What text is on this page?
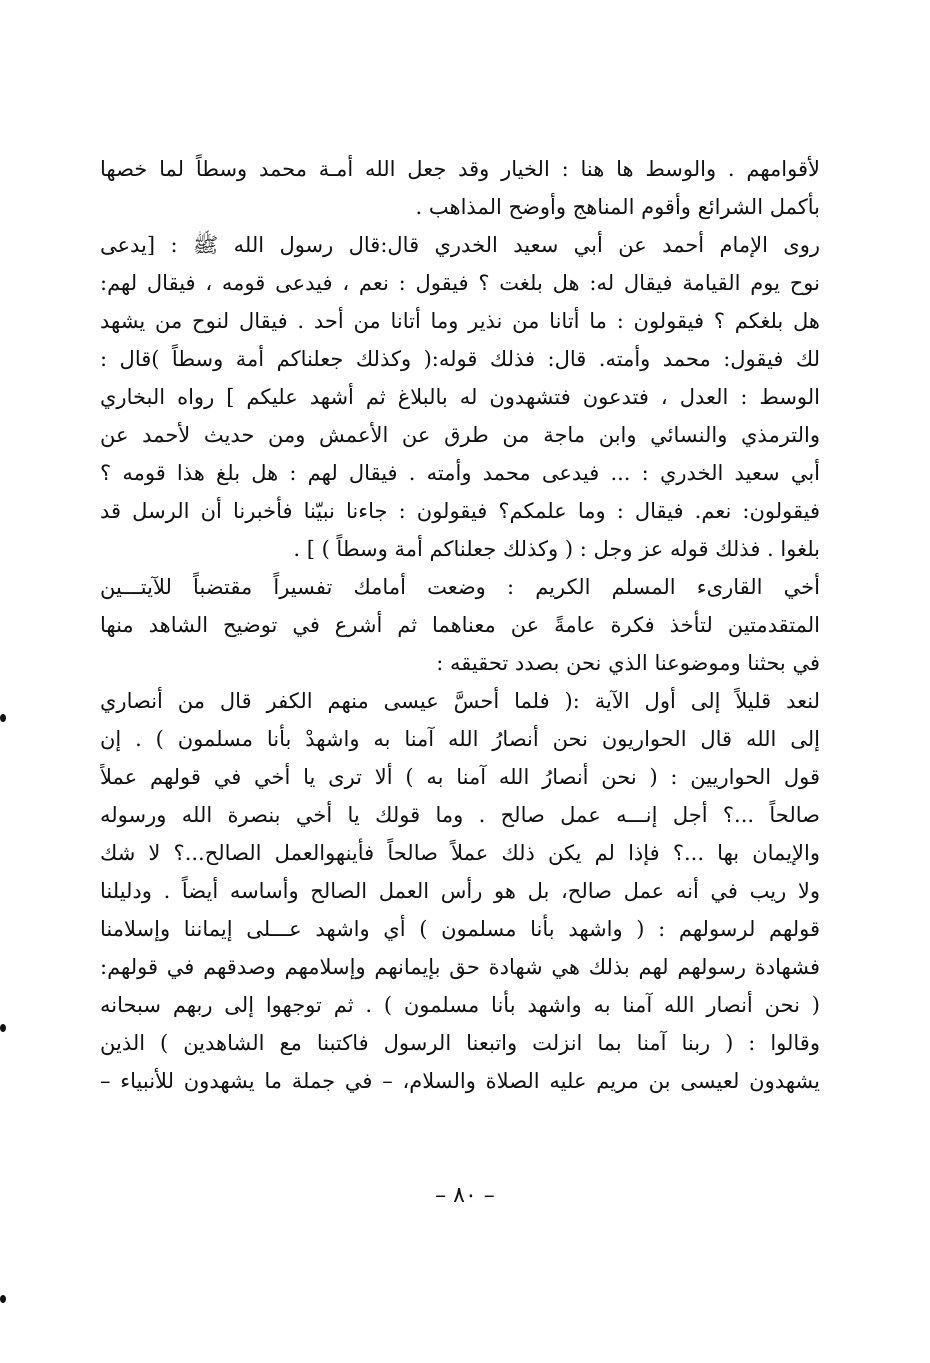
لأقوامهم . والوسط ها هنا : الخيار وقد جعل الله أمـة محمد وسطاً لما خصها
بأكمل الشرائع وأقوم المناهج وأوضح المذاهب .
روى الإمام أحمد عن أبي سعيد الخدري قال:قال رسول الله ﷺ : [يدعى
نوح يوم القيامة فيقال له: هل بلغت ؟ فيقول : نعم ، فيدعى قومه ، فيقال لهم:
هل بلغكم ؟ فيقولون : ما أتانا من نذير وما أتانا من أحد . فيقال لنوح من يشهد
لك فيقول: محمد وأمته. قال: فذلك قوله:( وكذلك جعلناكم أمة وسطاً )قال :
الوسط : العدل ، فتدعون فتشهدون له بالبلاغ ثم أشهد عليكم ] رواه البخاري
والترمذي والنسائي وابن ماجة من طرق عن الأعمش ومن حديث لأحمد عن
أبي سعيد الخدري : ... فيدعى محمد وأمته . فيقال لهم : هل بلغ هذا قومه ؟
فيقولون: نعم. فيقال : وما علمكم؟ فيقولون : جاءنا نبيّنا فأخبرنا أن الرسل قد
بلغوا . فذلك قوله عز وجل : ( وكذلك جعلناكم أمة وسطاً ) ] .
أخي القارىء المسلم الكريم : وضعت أمامك تفسيراً مقتضباً للآيتـــين
المتقدمتين لتأخذ فكرة عامةً عن معناهما ثم أشرع في توضيح الشاهد منها
في بحثنا وموضوعنا الذي نحن بصدد تحقيقه :
لنعد قليلاً إلى أول الآية :( فلما أحسَّ عيسى منهم الكفر قال من أنصاري
إلى الله قال الحواريون نحن أنصارُ الله آمنا به واشهدْ بأنا مسلمون ) . إن
قول الحواريين : ( نحن أنصارُ الله آمنا به ) ألا ترى يا أخي في قولهم عملاً
صالحاً ...؟ أجل إنـــه عمل صالح . وما قولك يا أخي بنصرة الله ورسوله
والإيمان بها ...؟ فإذا لم يكن ذلك عملاً صالحاً فأينهوالعمل الصالح...؟ لا شك
ولا ريب في أنه عمل صالح، بل هو رأس العمل الصالح وأساسه أيضاً . ودليلنا
قولهم لرسولهم : ( واشهد بأنا مسلمون ) أي واشهد عـــلى إيماننا وإسلامنا
فشهادة رسولهم لهم بذلك هي شهادة حق بإيمانهم وإسلامهم وصدقهم في قولهم:
( نحن أنصار الله آمنا به واشهد بأنا مسلمون ) . ثم توجهوا إلى ربهم سبحانه
وقالوا : ( ربنا آمنا بما انزلت واتبعنا الرسول فاكتبنا مع الشاهدين ) الذين
يشهدون لعيسى بن مريم عليه الصلاة والسلام، – في جملة ما يشهدون للأنبياء –
– ٨٠ –
